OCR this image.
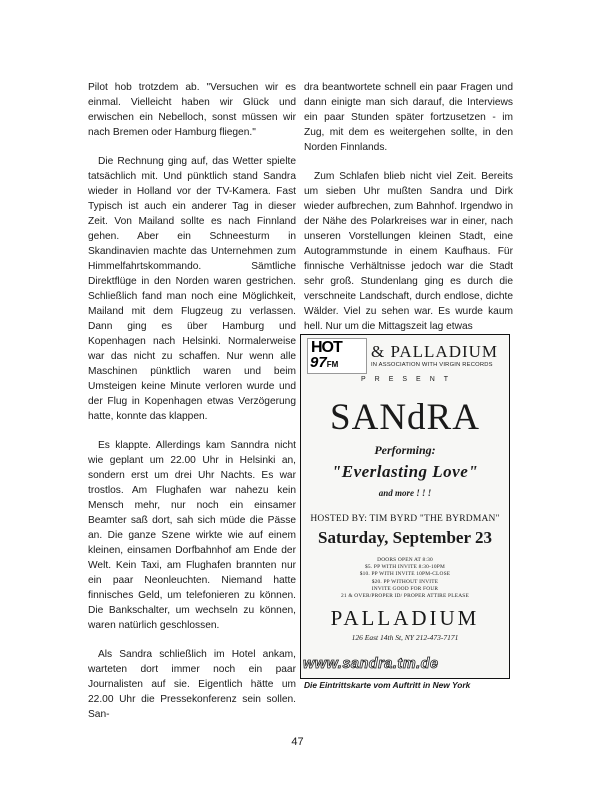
Pilot hob trotzdem ab. "Versuchen wir es einmal. Vielleicht haben wir Glück und erwischen ein Nebelloch, sonst müssen wir nach Bremen oder Hamburg fliegen."

Die Rechnung ging auf, das Wetter spielte tatsächlich mit. Und pünktlich stand Sandra wieder in Holland vor der TV-Kamera. Fast Typisch ist auch ein anderer Tag in dieser Zeit. Von Mailand sollte es nach Finnland gehen. Aber ein Schneesturm in Skandinavien machte das Unternehmen zum Himmelfahrtskommando. Sämtliche Direktflüge in den Norden waren gestrichen. Schließlich fand man noch eine Möglichkeit, Mailand mit dem Flugzeug zu verlassen. Dann ging es über Hamburg und Kopenhagen nach Helsinki. Normalerweise war das nicht zu schaffen. Nur wenn alle Maschinen pünktlich waren und beim Umsteigen keine Minute verloren wurde und der Flug in Kopenhagen etwas Verzögerung hatte, konnte das klappen.

Es klappte. Allerdings kam Sanndra nicht wie geplant um 22.00 Uhr in Helsinki an, sondern erst um drei Uhr Nachts. Es war trostlos. Am Flughafen war nahezu kein Mensch mehr, nur noch ein einsamer Beamter saß dort, sah sich müde die Pässe an. Die ganze Szene wirkte wie auf einem kleinen, einsamen Dorfbahnhof am Ende der Welt. Kein Taxi, am Flughafen brannten nur ein paar Neonleuchten. Niemand hatte finnisches Geld, um telefonieren zu können. Die Bankschalter, um wechseln zu können, waren natürlich geschlossen.

Als Sandra schließlich im Hotel ankam, warteten dort immer noch ein paar Journalisten auf sie. Eigentlich hätte um 22.00 Uhr die Pressekonferenz sein sollen. San-

dra beantwortete schnell ein paar Fragen und dann einigte man sich darauf, die Interviews ein paar Stunden später fortzusetzen - im Zug, mit dem es weitergehen sollte, in den Norden Finnlands.

Zum Schlafen blieb nicht viel Zeit. Bereits um sieben Uhr mußten Sandra und Dirk wieder aufbrechen, zum Bahnhof. Irgendwo in der Nähe des Polarkreises war in einer, nach unseren Vorstellungen kleinen Stadt, eine Autogrammstunde in einem Kaufhaus. Für finnische Verhältnisse jedoch war die Stadt sehr groß. Stundenlang ging es durch die verschneite Landschaft, durch endlose, dichte Wälder. Viel zu sehen war. Es wurde kaum hell. Nur um die Mittagszeit lag etwas

HOT
97FM
& PALLADIUM
IN ASSOCIATION WITH VIRGIN RECORDS
PRESENT
SANdRA
Performing:
"Everlasting Love"
and more ! ! !
HOSTED BY: TIM BYRD "THE BYRDMAN"
Saturday, September 23
DOORS OPEN AT 8:30
$5. PP WITH INVITE 8:30-10PM
$10. PP WITH INVITE 10PM-CLOSE
$20. PP WITHOUT INVITE
INVITE GOOD FOR FOUR
21 & OVER/PROPER ID/ PROPER ATTIRE PLEASE
PALLADIUM
126 East 14th St, NY 212-473-7171
www.sandra.tm.de
Die Eintrittskarte vom Auftritt in New York
47
